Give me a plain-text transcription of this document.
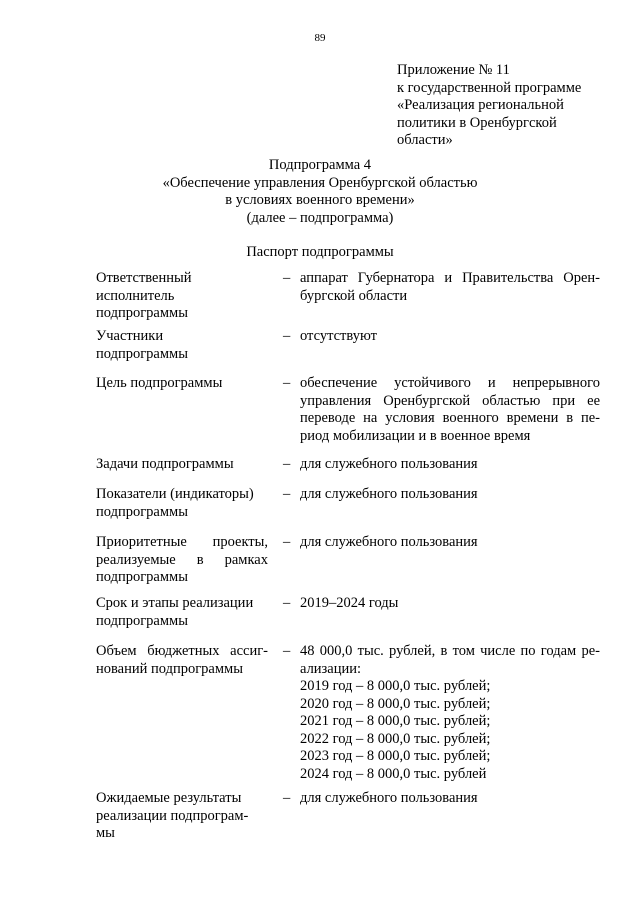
89
Приложение № 11
к государственной программе
«Реализация региональной
политики в Оренбургской
области»
Подпрограмма 4
«Обеспечение управления Оренбургской областью
в условиях военного времени»
(далее – подпрограмма)
Паспорт подпрограммы
Ответственный
исполнитель
подпрограммы
– аппарат Губернатора и Правительства Орен-
бургской области
Участники
подпрограммы
– отсутствуют
Цель подпрограммы	– обеспечение устойчивого и непрерывного
управления Оренбургской областью при ее
переводе на условия военного времени в пе-
риод мобилизации и в военное время
Задачи подпрограммы	– для служебного пользования
Показатели (индикаторы)
подпрограммы
– для служебного пользования
Приоритетные проекты,
реализуемые в рамках
подпрограммы
– для служебного пользования
Срок и этапы реализации
подпрограммы
– 2019–2024 годы
Объем бюджетных ассиг-
нований подпрограммы
– 48 000,0 тыс. рублей, в том числе по годам ре-
ализации:
2019 год – 8 000,0 тыс. рублей;
2020 год – 8 000,0 тыс. рублей;
2021 год – 8 000,0 тыс. рублей;
2022 год – 8 000,0 тыс. рублей;
2023 год – 8 000,0 тыс. рублей;
2024 год – 8 000,0 тыс. рублей
Ожидаемые результаты
реализации подпрограм-
мы
– для служебного пользования
